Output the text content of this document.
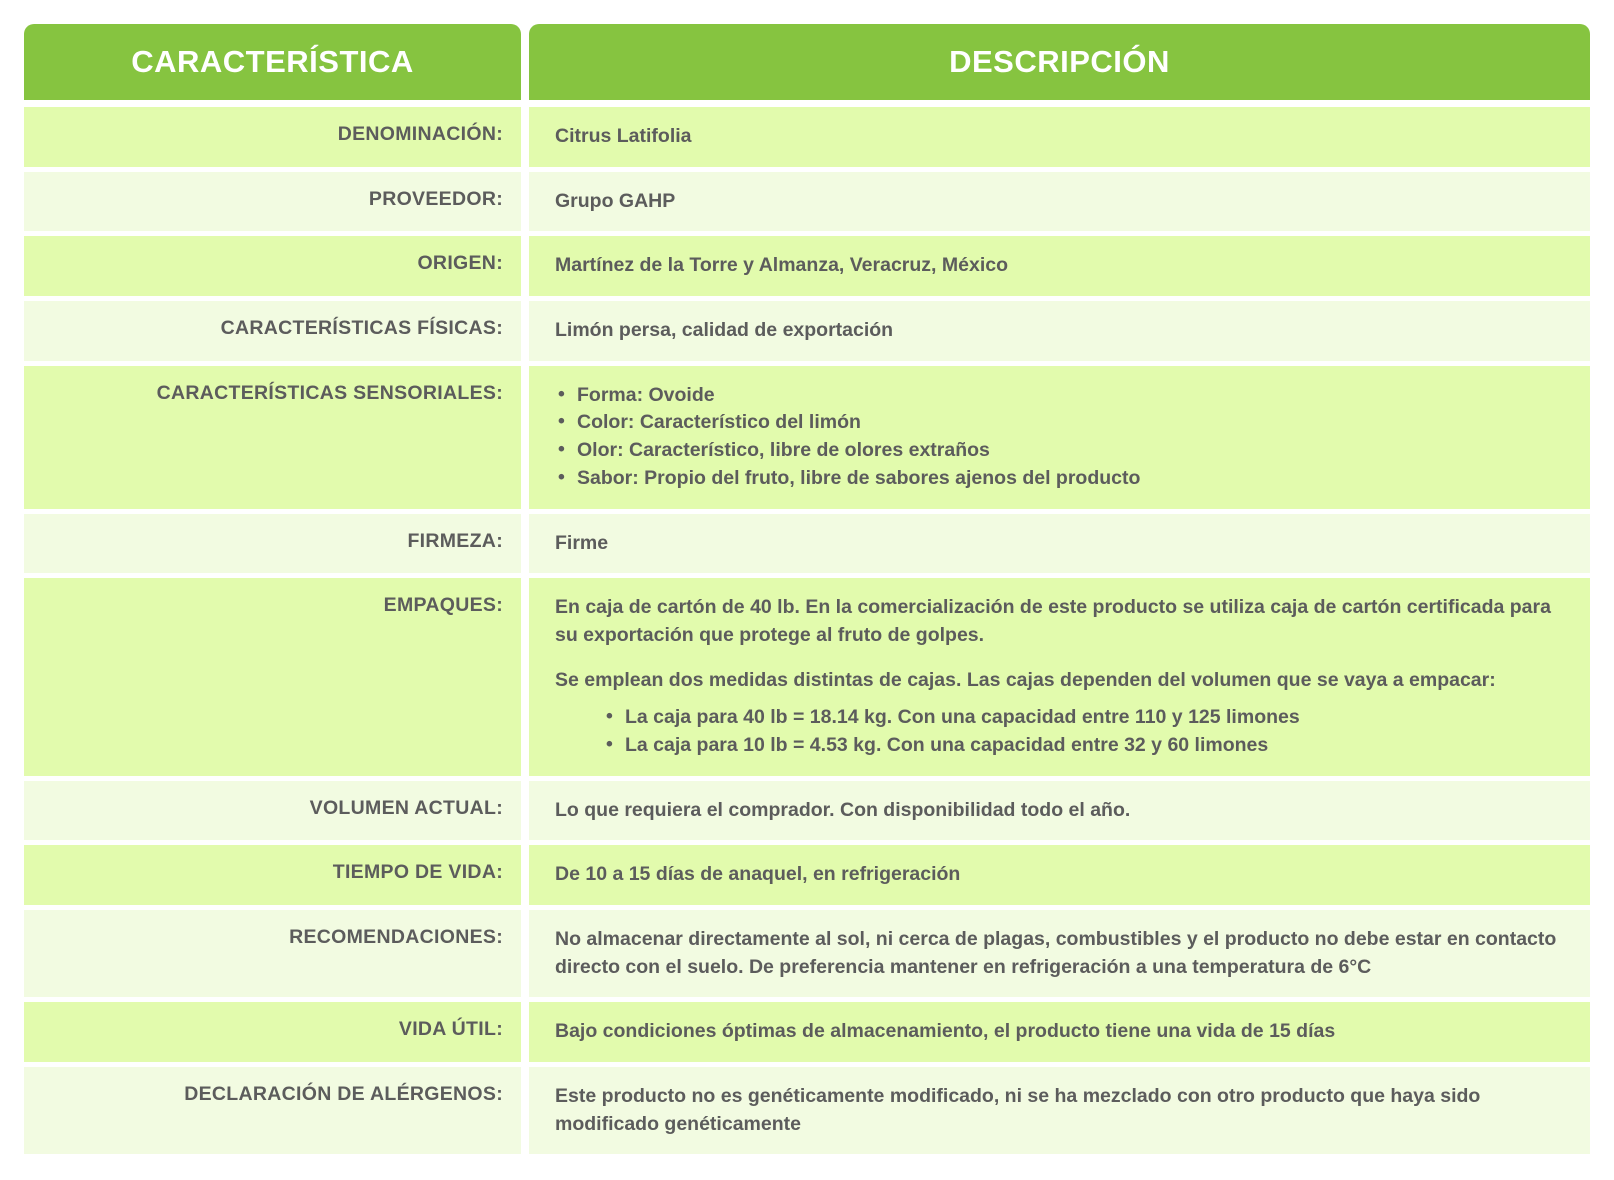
CARACTERÍSTICA	DESCRIPCIÓN
DENOMINACIÓN:	Citrus Latifolia
PROVEEDOR:	Grupo GAHP
ORIGEN:	Martínez de la Torre y Almanza, Veracruz, México
CARACTERÍSTICAS FÍSICAS:	Limón persa, calidad de exportación
CARACTERÍSTICAS SENSORIALES:	• Forma: Ovoide
• Color: Característico del limón
• Olor: Característico, libre de olores extraños
• Sabor: Propio del fruto, libre de sabores ajenos del producto
FIRMEZA:	Firme
EMPAQUES:	En caja de cartón de 40 lb. En la comercialización de este producto se utiliza caja de cartón certificada para su exportación que protege al fruto de golpes.

Se emplean dos medidas distintas de cajas. Las cajas dependen del volumen que se vaya a empacar:

• La caja para 40 lb = 18.14 kg. Con una capacidad entre 110 y 125 limones
• La caja para 10 lb = 4.53 kg. Con una capacidad entre 32 y 60 limones
VOLUMEN ACTUAL:	Lo que requiera el comprador. Con disponibilidad todo el año.
TIEMPO DE VIDA:	De 10 a 15 días de anaquel, en refrigeración
RECOMENDACIONES:	No almacenar directamente al sol, ni cerca de plagas, combustibles y el producto no debe estar en contacto directo con el suelo. De preferencia mantener en refrigeración a una temperatura de 6°C
VIDA ÚTIL:	Bajo condiciones óptimas de almacenamiento, el producto tiene una vida de 15 días
DECLARACIÓN DE ALÉRGENOS:	Este producto no es genéticamente modificado, ni se ha mezclado con otro producto que haya sido modificado genéticamente
